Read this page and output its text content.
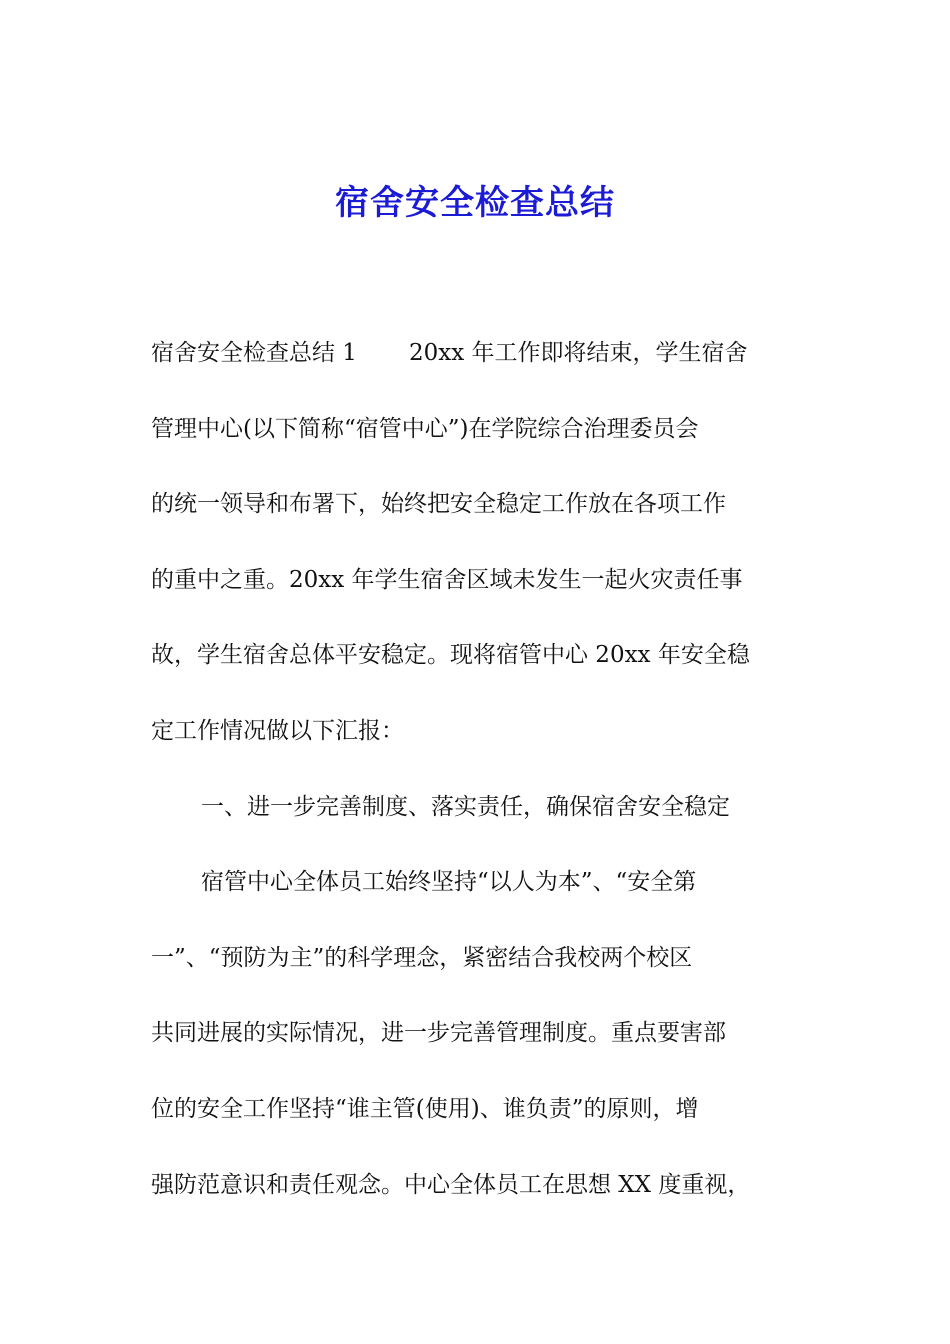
宿舍安全检查总结
宿舍安全检查总结 1 20xx 年工作即将结束，学生宿舍
管理中心(以下简称“宿管中心”)在学院综合治理委员会
的统一领导和布署下，始终把安全稳定工作放在各项工作
的重中之重。20xx 年学生宿舍区域未发生一起火灾责任事
故，学生宿舍总体平安稳定。现将宿管中心 20xx 年安全稳
定工作情况做以下汇报：
一、进一步完善制度、落实责任，确保宿舍安全稳定
宿管中心全体员工始终坚持“以人为本”、“安全第
一”、“预防为主”的科学理念，紧密结合我校两个校区
共同进展的实际情况，进一步完善管理制度。重点要害部
位的安全工作坚持“谁主管(使用)、谁负责”的原则，增
强防范意识和责任观念。中心全体员工在思想 XX 度重视，
